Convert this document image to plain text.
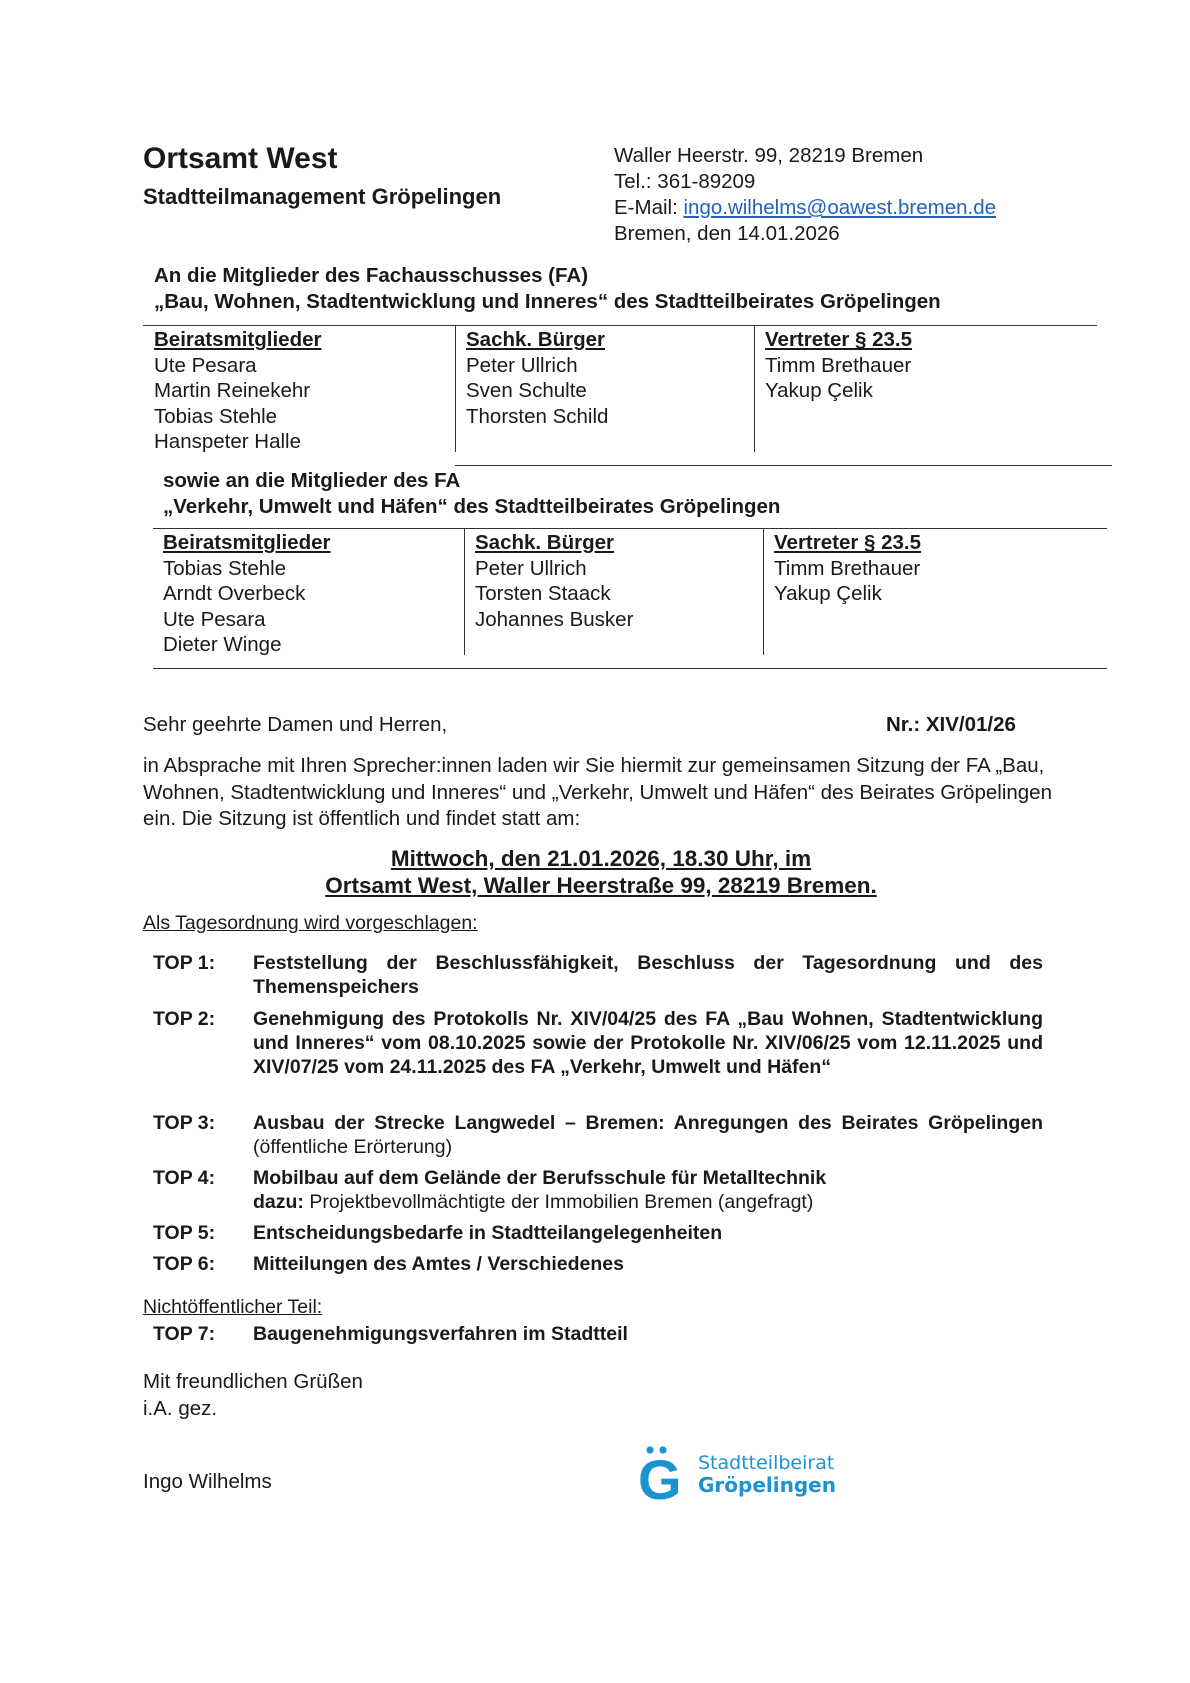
Ortsamt West
Stadtteilmanagement Gröpelingen
Waller Heerstr. 99, 28219 Bremen
Tel.: 361-89209
E-Mail: ingo.wilhelms@oawest.bremen.de
Bremen, den 14.01.2026
An die Mitglieder des Fachausschusses (FA)
„Bau, Wohnen, Stadtentwicklung und Inneres“ des Stadtteilbeirates Gröpelingen
Beiratsmitglieder
Ute Pesara
Martin Reinekehr
Tobias Stehle
Hanspeter Halle
Sachk. Bürger
Peter Ullrich
Sven Schulte
Thorsten Schild
Vertreter § 23.5
Timm Brethauer
Yakup Çelik
sowie an die Mitglieder des FA
„Verkehr, Umwelt und Häfen“ des Stadtteilbeirates Gröpelingen
Beiratsmitglieder
Tobias Stehle
Arndt Overbeck
Ute Pesara
Dieter Winge
Sachk. Bürger
Peter Ullrich
Torsten Staack
Johannes Busker
Vertreter § 23.5
Timm Brethauer
Yakup Çelik
Sehr geehrte Damen und Herren,	Nr.: XIV/01/26
in Absprache mit Ihren Sprecher:innen laden wir Sie hiermit zur gemeinsamen Sitzung der FA „Bau, Wohnen, Stadtentwicklung und Inneres“ und „Verkehr, Umwelt und Häfen“ des Beirates Gröpelingen ein. Die Sitzung ist öffentlich und findet statt am:
Mittwoch, den 21.01.2026, 18.30 Uhr, im
Ortsamt West, Waller Heerstraße 99, 28219 Bremen.
Als Tagesordnung wird vorgeschlagen:
TOP 1: Feststellung der Beschlussfähigkeit, Beschluss der Tagesordnung und des Themenspeichers
TOP 2: Genehmigung des Protokolls Nr. XIV/04/25 des FA „Bau Wohnen, Stadtentwicklung und Inneres“ vom 08.10.2025 sowie der Protokolle Nr. XIV/06/25 vom 12.11.2025 und XIV/07/25 vom 24.11.2025 des FA „Verkehr, Umwelt und Häfen“
TOP 3: Ausbau der Strecke Langwedel – Bremen: Anregungen des Beirates Gröpelingen (öffentliche Erörterung)
TOP 4: Mobilbau auf dem Gelände der Berufsschule für Metalltechnik
dazu: Projektbevollmächtigte der Immobilien Bremen (angefragt)
TOP 5: Entscheidungsbedarfe in Stadtteilangelegenheiten
TOP 6: Mitteilungen des Amtes / Verschiedenes
Nichtöffentlicher Teil:
TOP 7: Baugenehmigungsverfahren im Stadtteil
Mit freundlichen Grüßen
i.A. gez.
Ingo Wilhelms	G Stadtteilbeirat
Gröpelingen
